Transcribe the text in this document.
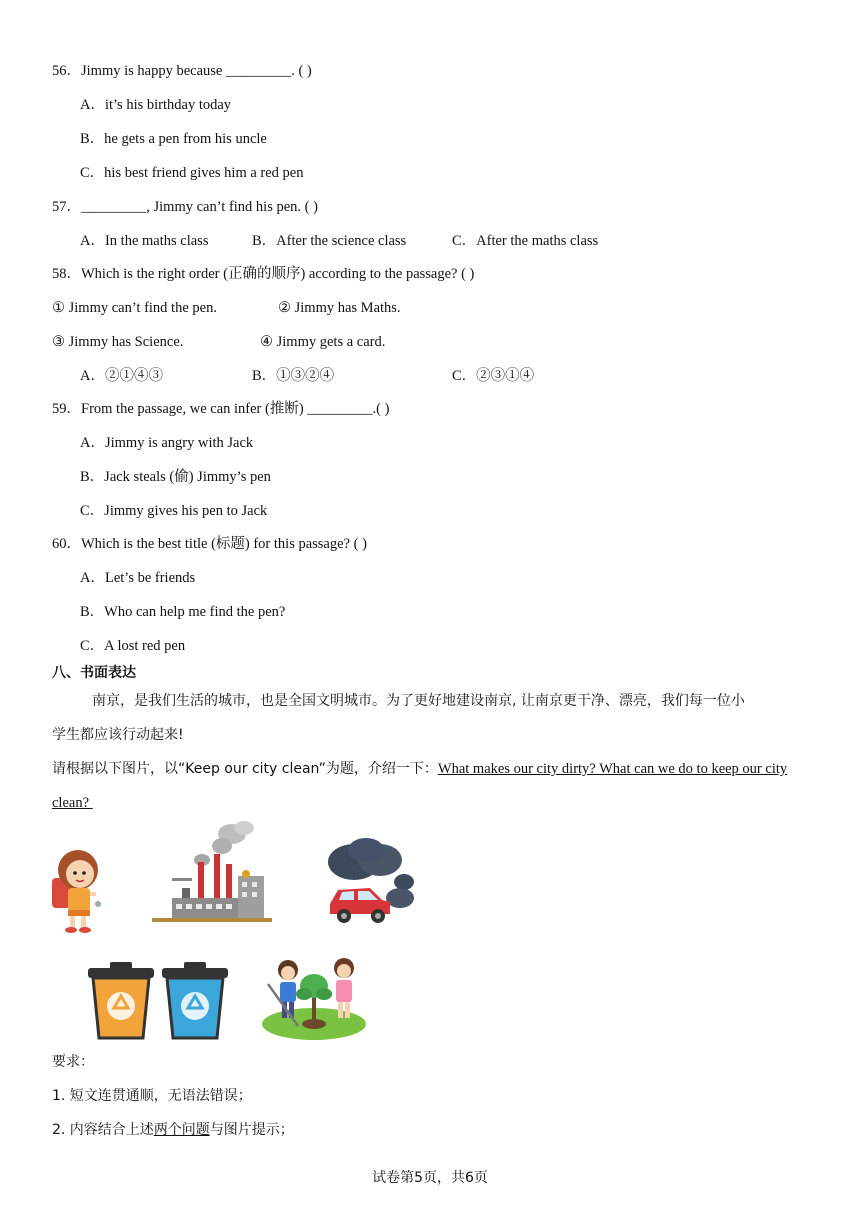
56．Jimmy is happy because _________. ( )
A．it’s his birthday today
B．he gets a pen from his uncle
C．his best friend gives him a red pen
57．_________, Jimmy can’t find his pen. ( )
A．In the maths class	B．After the science class	C．After the maths class
58．Which is the right order (正确的顺序) according to the passage? ( )
① Jimmy can’t find the pen.	② Jimmy has Maths.
③ Jimmy has Science.	④ Jimmy gets a card.
A．②①④③	B．①③②④	C．②③①④
59．From the passage, we can infer (推断) _________.( )
A．Jimmy is angry with Jack
B．Jack steals (偷) Jimmy’s pen
C．Jimmy gives his pen to Jack
60．Which is the best title (标题) for this passage? ( )
A．Let’s be friends
B．Who can help me find the pen?
C．A lost red pen
八、书面表达
南京，是我们生活的城市，也是全国文明城市。为了更好地建设南京, 让南京更干净、漂亮，我们每一位小
学生都应该行动起来!
请根据以下图片，以“Keep our city clean”为题，介绍一下：What makes our city dirty? What can we do to keep our city
clean?
要求：
1. 短文连贯通顺，无语法错误；
2. 内容结合上述两个问题与图片提示；
试卷第5页，共6页
